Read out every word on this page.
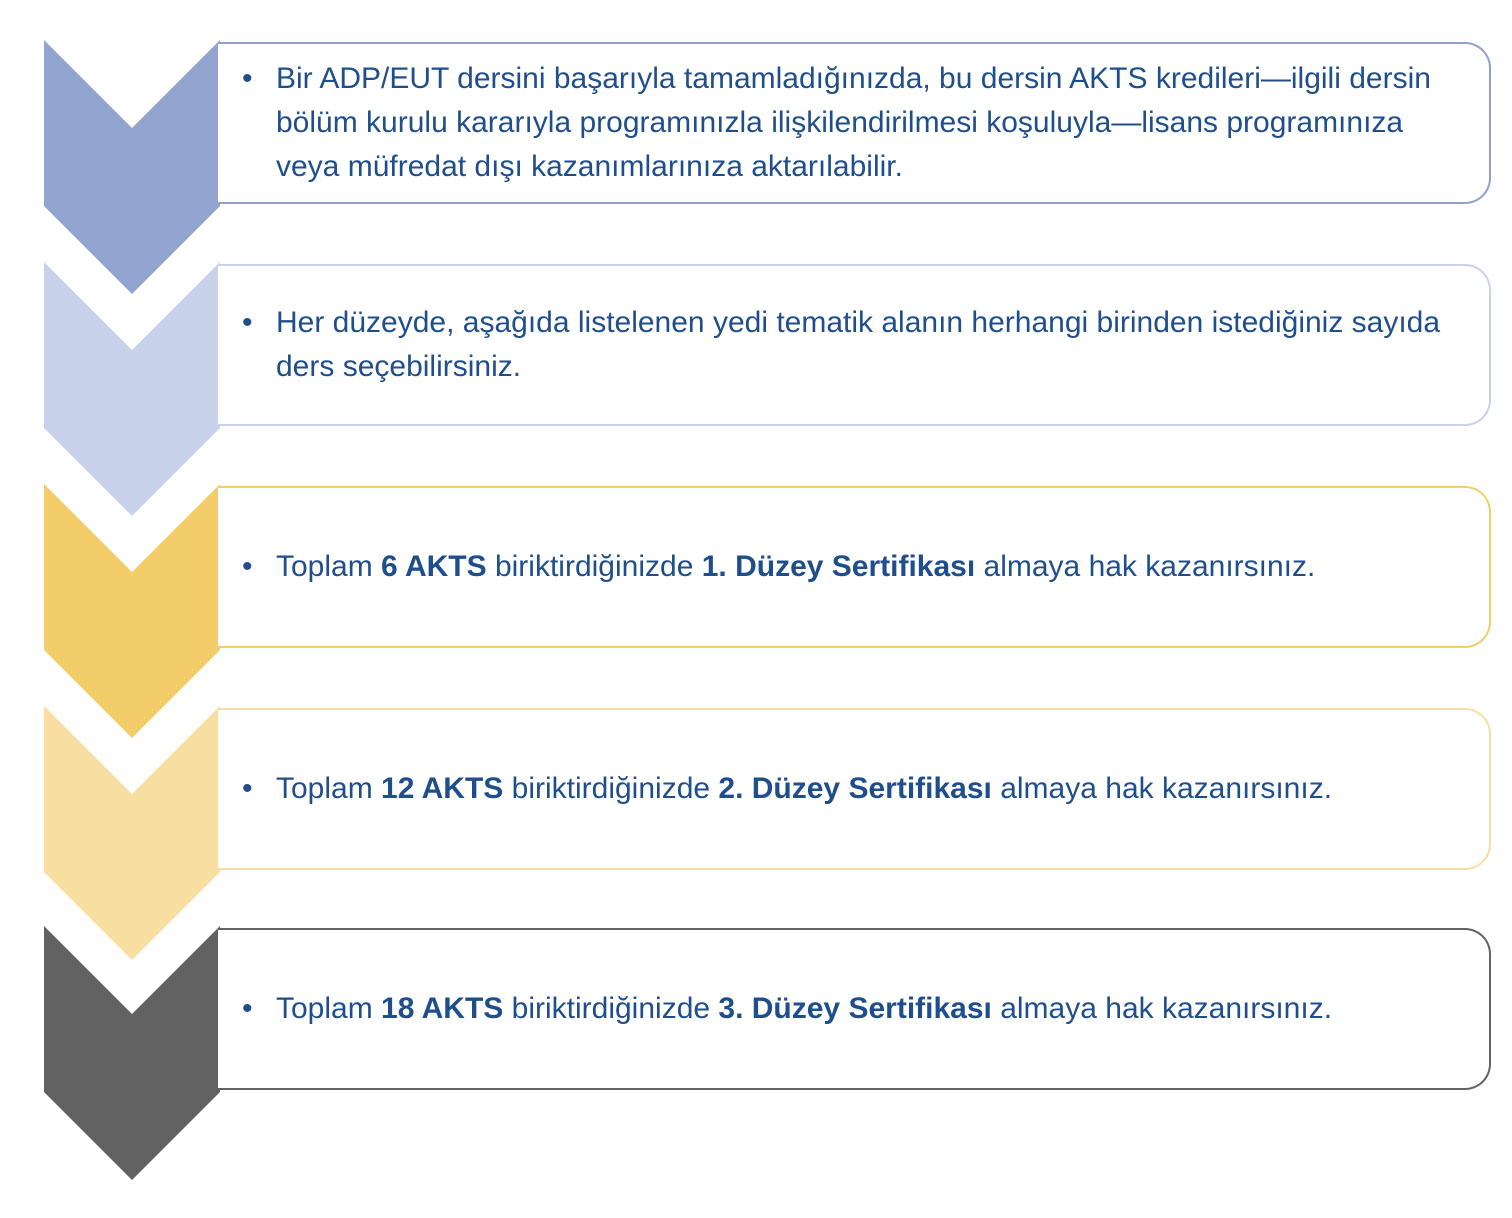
• Bir ADP/EUT dersini başarıyla tamamladığınızda, bu dersin AKTS kredileri—ilgili dersin bölüm kurulu kararıyla programınızla ilişkilendirilmesi koşuluyla—lisans programınıza veya müfredat dışı kazanımlarınıza aktarılabilir.
• Her düzeyde, aşağıda listelenen yedi tematik alanın herhangi birinden istediğiniz sayıda ders seçebilirsiniz.
• Toplam 6 AKTS biriktirdiğinizde 1. Düzey Sertifikası almaya hak kazanırsınız.
• Toplam 12 AKTS biriktirdiğinizde 2. Düzey Sertifikası almaya hak kazanırsınız.
• Toplam 18 AKTS biriktirdiğinizde 3. Düzey Sertifikası almaya hak kazanırsınız.
